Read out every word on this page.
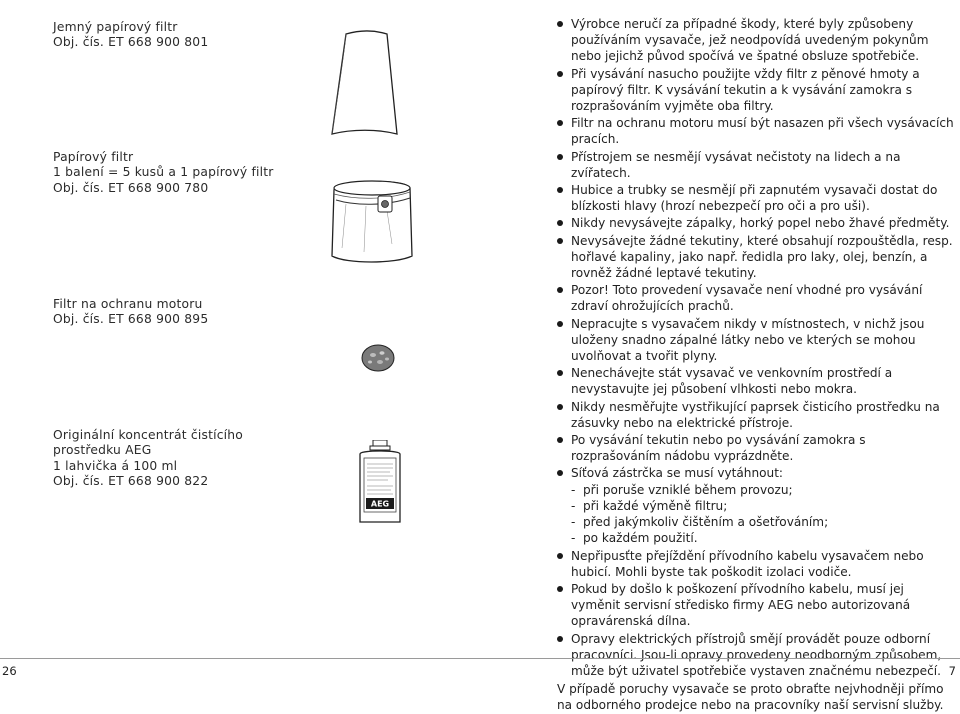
Jemný papírový filtr
Obj. čís. ET 668 900 801
Papírový filtr
1 balení = 5 kusů a 1 papírový filtr
Obj. čís. ET 668 900 780
Filtr na ochranu motoru
Obj. čís. ET 668 900 895
Originální koncentrát čistícího
prostředku AEG
1 lahvička á 100 ml
Obj. čís. ET 668 900 822
AEG
26
Výrobce neručí za případné škody, které byly způsobeny používáním vysavače, jež neodpovídá uvedeným pokynům nebo jejichž původ spočívá ve špatné obsluze spotřebiče.
Při vysávání nasucho použijte vždy filtr z pěnové hmoty a papírový filtr. K vysávání tekutin a k vysávání zamokra s rozprašováním vyjměte oba filtry.
Filtr na ochranu motoru musí být nasazen při všech vysávacích pracích.
Přístrojem se nesmějí vysávat nečistoty na lidech a na zvířatech.
Hubice a trubky se nesmějí při zapnutém vysavači dostat do blízkosti hlavy (hrozí nebezpečí pro oči a pro uši).
Nikdy nevysávejte zápalky, horký popel nebo žhavé předměty.
Nevysávejte žádné tekutiny, které obsahují rozpouštědla, resp. hořlavé kapaliny, jako např. ředidla pro laky, olej, benzín, a rovněž žádné leptavé tekutiny.
Pozor! Toto provedení vysavače není vhodné pro vysávání zdraví ohrožujících prachů.
Nepracujte s vysavačem nikdy v místnostech, v nichž jsou uloženy snadno zápalné látky nebo ve kterých se mohou uvolňovat a tvořit plyny.
Nenechávejte stát vysavač ve venkovním prostředí a nevystavujte jej působení vlhkosti nebo mokra.
Nikdy nesměřujte vystřikující paprsek čisticího prostředku na zásuvky nebo na elektrické přístroje.
Po vysávání tekutin nebo po vysávání zamokra s rozprašováním nádobu vyprázdněte.
Síťová zástrčka se musí vytáhnout:
- při poruše vzniklé během provozu;
- při každé výměně filtru;
- před jakýmkoliv čištěním a ošetřováním;
- po každém použití.
Nepřipusťte přejíždění přívodního kabelu vysavačem nebo hubicí. Mohli byste tak poškodit izolaci vodiče.
Pokud by došlo k poškození přívodního kabelu, musí jej vyměnit servisní středisko firmy AEG nebo autorizovaná opravárenská dílna.
Opravy elektrických přístrojů smějí provádět pouze odborní pracovníci. Jsou-li opravy provedeny neodborným způsobem, může být uživatel spotřebiče vystaven značnému nebezpečí.
V případě poruchy vysavače se proto obraťte nejvhodněji přímo na odborného prodejce nebo na pracovníky naší servisní služby.
7
